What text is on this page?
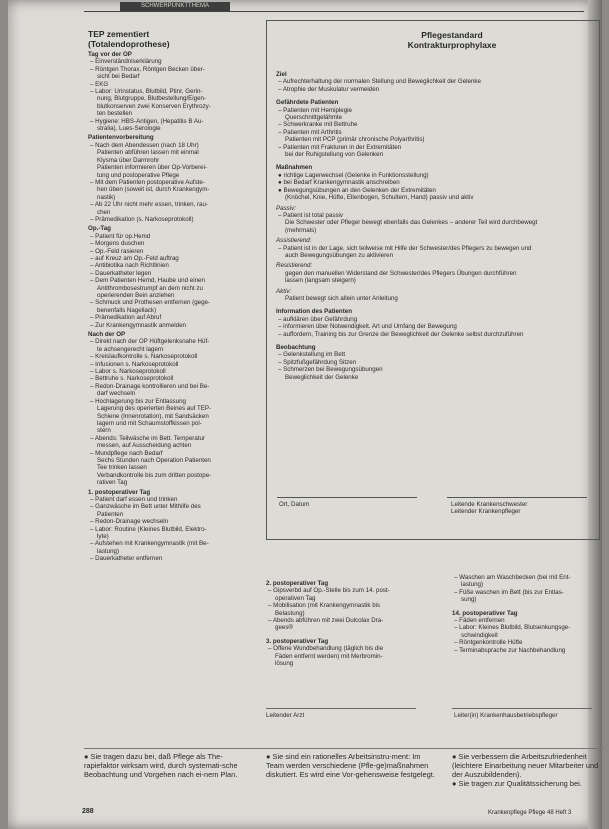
SCHWERPUNKTTHEMA
TEP zementiert
(Totalendoprothese)
Tag vor der OP
– Einverständniserklärung
– Röntgen Thorax, Röntgen Becken über-
sicht bei Bedarf
– EKG
– Labor: Urinstatus, Blutbild, Ptinr, Gerin-
nung, Blutgruppe, Blutbestellung/Eigen-
blutkonserven zwei Konserven Erythrozy-
ten bestellen
– Hygiene: HBS-Antigen, (Hepatitis B Au-
stralia), Lues-Serologie
Patientenvorbereitung
– Nach dem Abendessen (nach 18 Uhr)
Patienten abführen lassen mit einmal
Klysma über Darmrohr
Patienten informieren über Op-Vorberei-
tung und postoperative Pflege
– Mit dem Patienten postoperative Aufste-
hen üben (soweit ist, durch Krankengym-
nastik)
– Ab 22 Uhr nicht mehr essen, trinken, rau-
chen
– Prämedikation (s. Narkoseprotokoll)
Op.-Tag
– Patient für op.Hemd
– Morgens duschen
– Op.-Feld rasieren
– auf Kreuz am Op.-Feld auftrag
– Antibiotika nach Richtlinien
– Dauerkatheter legen
– Dem Patienten Hemd, Haube und einen
Antithrombosestrumpf an dem nicht zu
operierenden Bein anziehen
– Schmuck und Prothesen entfernen (gege-
benenfalls Nagellack)
– Prämedikation auf Abruf
– Zur Krankengymnastik anmelden
Nach der OP
– Direkt nach der OP Hüftgelenksnahe Hüf-
te achsengerecht lagern
– Kreislaufkontrolle s. Narkoseprotokoll
– Infusionen s. Narkoseprotokoll
– Labor s. Narkoseprotokoll
– Bettruhe s. Narkoseprotokoll
– Redon-Drainage kontrollieren und bei Be-
darf wechseln
– Hochlagerung bis zur Entlassung
Lagerung des operierten Beines auf TEP-
Schiene (Innenrotation), mit Sandsäcken
lagern und mit Schaumstoffkissen pol-
stern
– Abends: Teilwäsche im Bett. Temperatur
messen, auf Ausscheidung achten
– Mundpflege nach Bedarf
Sechs Stunden nach Operation Patienten
Tee trinken lassen
Verbandkontrolle bis zum dritten postope-
rativen Tag
1. postoperativer Tag
– Patient darf essen und trinken
– Ganzwäsche im Bett unter Mithilfe des
Patienten
– Redon-Drainage wechseln
– Labor: Routine (Kleines Blutbild, Elektro-
lyte)
– Aufstehen mit Krankengymnastik (mit Be-
lastung)
– Dauerkatheter entfernen
Pflegestandard
Kontrakturprophylaxe
Ziel
– Aufrechterhaltung der normalen Stellung und Beweglichkeit der Gelenke
– Atrophie der Muskulatur vermeiden
Gefährdete Patienten
– Patienten mit Hemiplegie
Querschnittgelähmte
– Schwerkranke mit Bettruhe
– Patienten mit Arthritis
Patienten mit PCP (primär chronische Polyarthritis)
– Patienten mit Frakturen in der Extremitäten
bei der Ruhigstellung von Gelenken
Maßnahmen
● richtige Lagerwechsel (Gelenke in Funktionsstellung)
● bei Bedarf Krankengymnastik anschreiben
● Bewegungsübungen an den Gelenken der Extremitäten
(Knöchel, Knie, Hüfte, Ellenbogen, Schultern, Hand) passiv und aktiv
Passiv:
– Patient ist total passiv
Die Schwester oder Pfleger bewegt ebenfalls das Gelenkes – anderer Teil wird durchbewegt
(mehrmals)
Assistierend:
– Patient ist in der Lage, sich teilweise mit Hilfe der Schwester/des Pflegers zu bewegen und
auch Bewegungsübungen zu aktivieren
Resistierend:
gegen den manuellen Widerstand der Schwester/des Pflegers Übungen durchführen
lassen (langsam steigern)
Aktiv:
Patient bewegt sich allein unter Anleitung
Information des Patienten
– aufklären über Gefährdung
– informieren über Notwendigkeit. Art und Umfang der Bewegung
– auffordern, Training bis zur Grenze der Beweglichkeit der Gelenke selbst durchzuführen
Beobachtung
– Gelenkstellung im Bett
– Spitzfußgefährdung Sitzen
– Schmerzen bei Bewegungsübungen
Beweglichkeit der Gelenke
Ort, Datum	Leitende Krankenschwester
Leitender Krankenpfleger
2. postoperativer Tag
– Gipsverbd auf Op.-Stelle bis zum 14. post-
operativen Tag
– Mobilisation (mit Krankengymnastik bis
Belastung)
– Abends abführen mit zwei Dulcolax Dra-
gees®
3. postoperativer Tag
– Offene Wundbehandlung (täglich bis die
Fäden entfernt werden) mit Merbromin-
lösung
Leitender Arzt
– Waschen am Waschbecken (bei mit Ent-
lastung)
– Füße waschen im Bett (bis zur Entlas-
sung)
14. postoperativer Tag
– Fäden entfernen
– Labor: Kleines Blutbild, Blutsenkungsge-
schwindigkeit
– Röntgenkontrolle Hüfte
– Terminabsprache zur Nachbehandlung
Leiter(in) Krankenhausbetriebspfleger
● Sie tragen dazu bei, daß Pflege als The-rapiefaktor wirksam wird, durch systemati-sche Beobachtung und Vorgehen nach ei-nem Plan.
● Sie sind ein rationelles Arbeitsinstru-ment: Im Team werden verschiedene (Pfle-ge)maßnahmen diskutiert. Es wird eine Vor-gehensweise festgelegt.
● Sie verbessern die Arbeitszufriedenheit (leichtere Einarbeitung neuer Mitarbeiter und der Auszubildenden).
● Sie tragen zur Qualitätssicherung bei.
288	Krankenpflege Pflege 48 Heft 3
